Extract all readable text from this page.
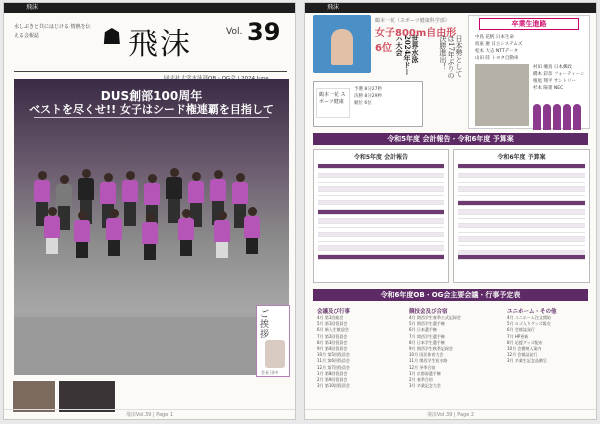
飛沫
水しぶきと共にはじける 情熱を伝える会報誌	☗ 飛沫	Vol. 39
DUS創部100周年
ベストを尽くせ!! 女子はシード権連覇を目指して
ご挨拶
会長 田中
飛沫Vol.39 | Page 1
飛沫
鶴本一花（スポーツ健康科学部）
女子800m自由形6位	世界水泳2024年ドーハ大会	日本勢としては17年ぶりの決勝進出！
鶴本一花 スポーツ健康
予選 8分27秒
決勝 8分29秒
順位 6位
卒業生進路
中島 花帆 日本生命
坂東 慶 日立システムズ
松本 大志 NTTデータ
山田 陸 トヨタ自動車
村田 颯真 日本郵政
橋本 彩奈 フォーティーン
根尾 翔平 サントリー
杉本 陽菜 NEC
令和5年度 会計報告・令和6年度 予算案
令和5年度 会計報告	令和6年度 予算案
令和6年度OB・OG会主要会議・行事予定表
会議及び行事	競技会及び合宿	ユニホーム・その他
4月 第1回総会
5月 第1回役員会
6月 新入生歓迎会
7月 第2回役員会
8月 第3回役員会
9月 第4回役員会
10月 第5回役員会
11月 第6回役員会
12月 第7回役員会
1月 第8回役員会
2月 第9回役員会
3月 第10回役員会
4月 関西学生春季公式記録会
5月 関西学生選手権
6月 日本選手権
7月 関西学生選手権
8月 日本学生選手権
9月 関西学生秋季記録会
10月 国民体育大会
11月 関西学生短水路
12月 冬季合宿
1月 京都府選手権
2月 春季合宿
3月 卒業記念大会
4月 ユニホーム注文開始
5月 ロゴ入りグッズ販売
6月 会報誌発行
7月 HP更新
8月 応援グッズ配布
10月 会費納入案内
12月 会報誌発行
3月 卒業生記念品贈呈
飛沫Vol.39 | Page 2
